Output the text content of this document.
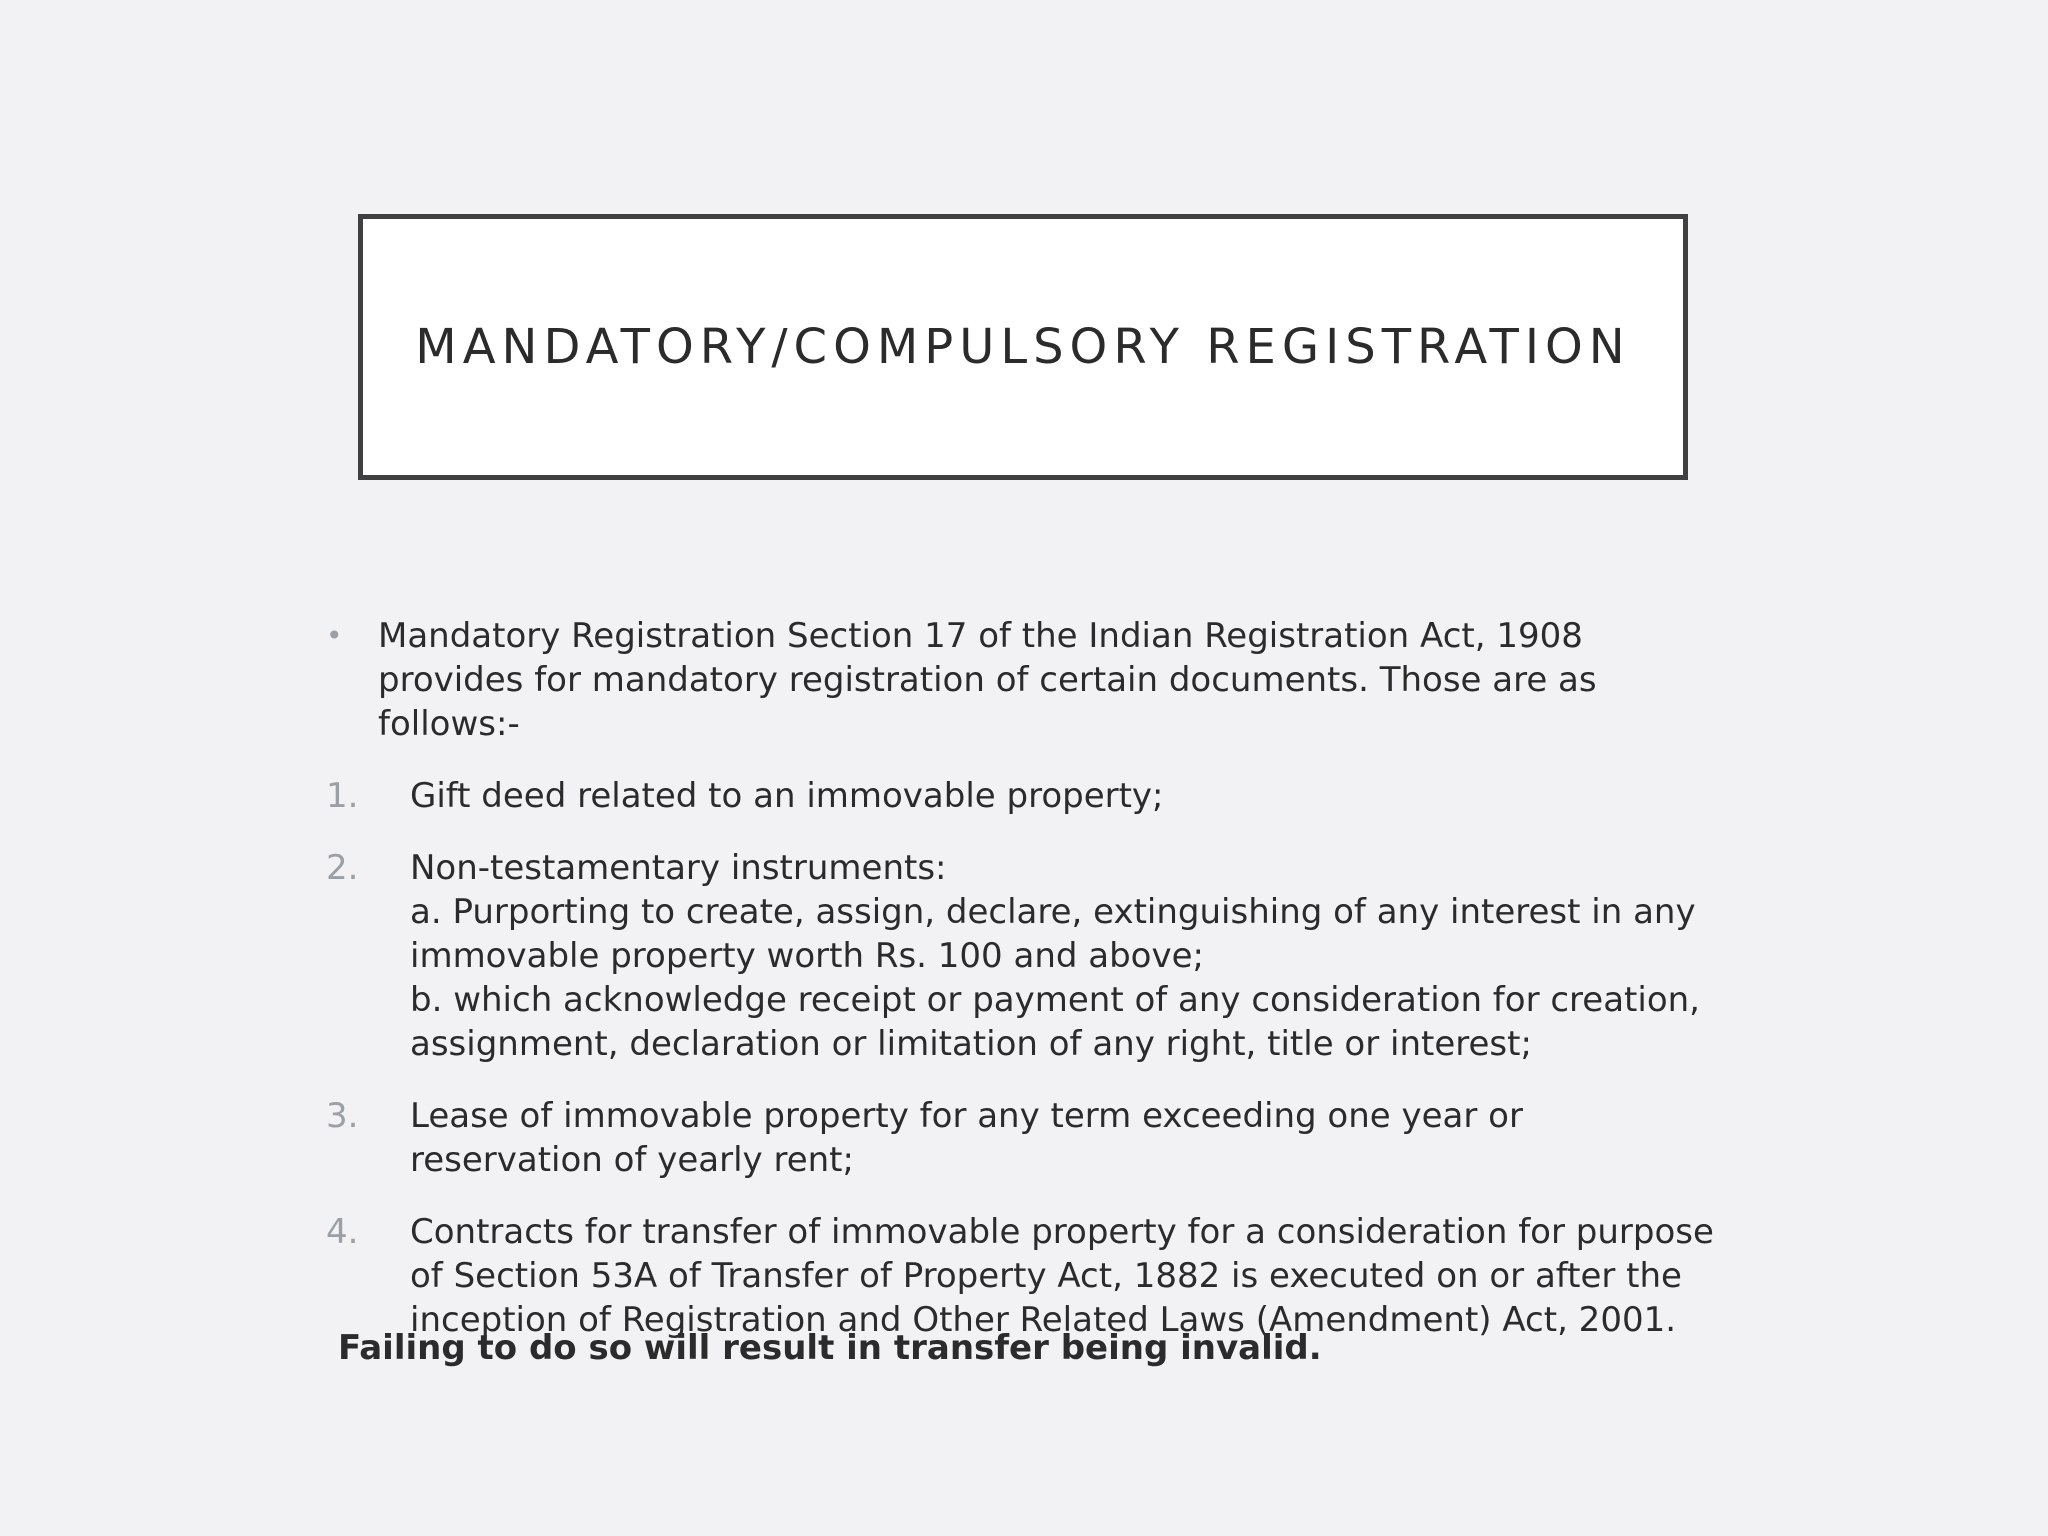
MANDATORY/COMPULSORY REGISTRATION
• Mandatory Registration Section 17 of the Indian Registration Act, 1908 provides for mandatory registration of certain documents. Those are as follows:-
1. Gift deed related to an immovable property;
2. Non-testamentary instruments:
a. Purporting to create, assign, declare, extinguishing of any interest in any immovable property worth Rs. 100 and above;
b. which acknowledge receipt or payment of any consideration for creation, assignment, declaration or limitation of any right, title or interest;
3. Lease of immovable property for any term exceeding one year or reservation of yearly rent;
4. Contracts for transfer of immovable property for a consideration for purpose of Section 53A of Transfer of Property Act, 1882 is executed on or after the inception of Registration and Other Related Laws (Amendment) Act, 2001.
Failing to do so will result in transfer being invalid.
